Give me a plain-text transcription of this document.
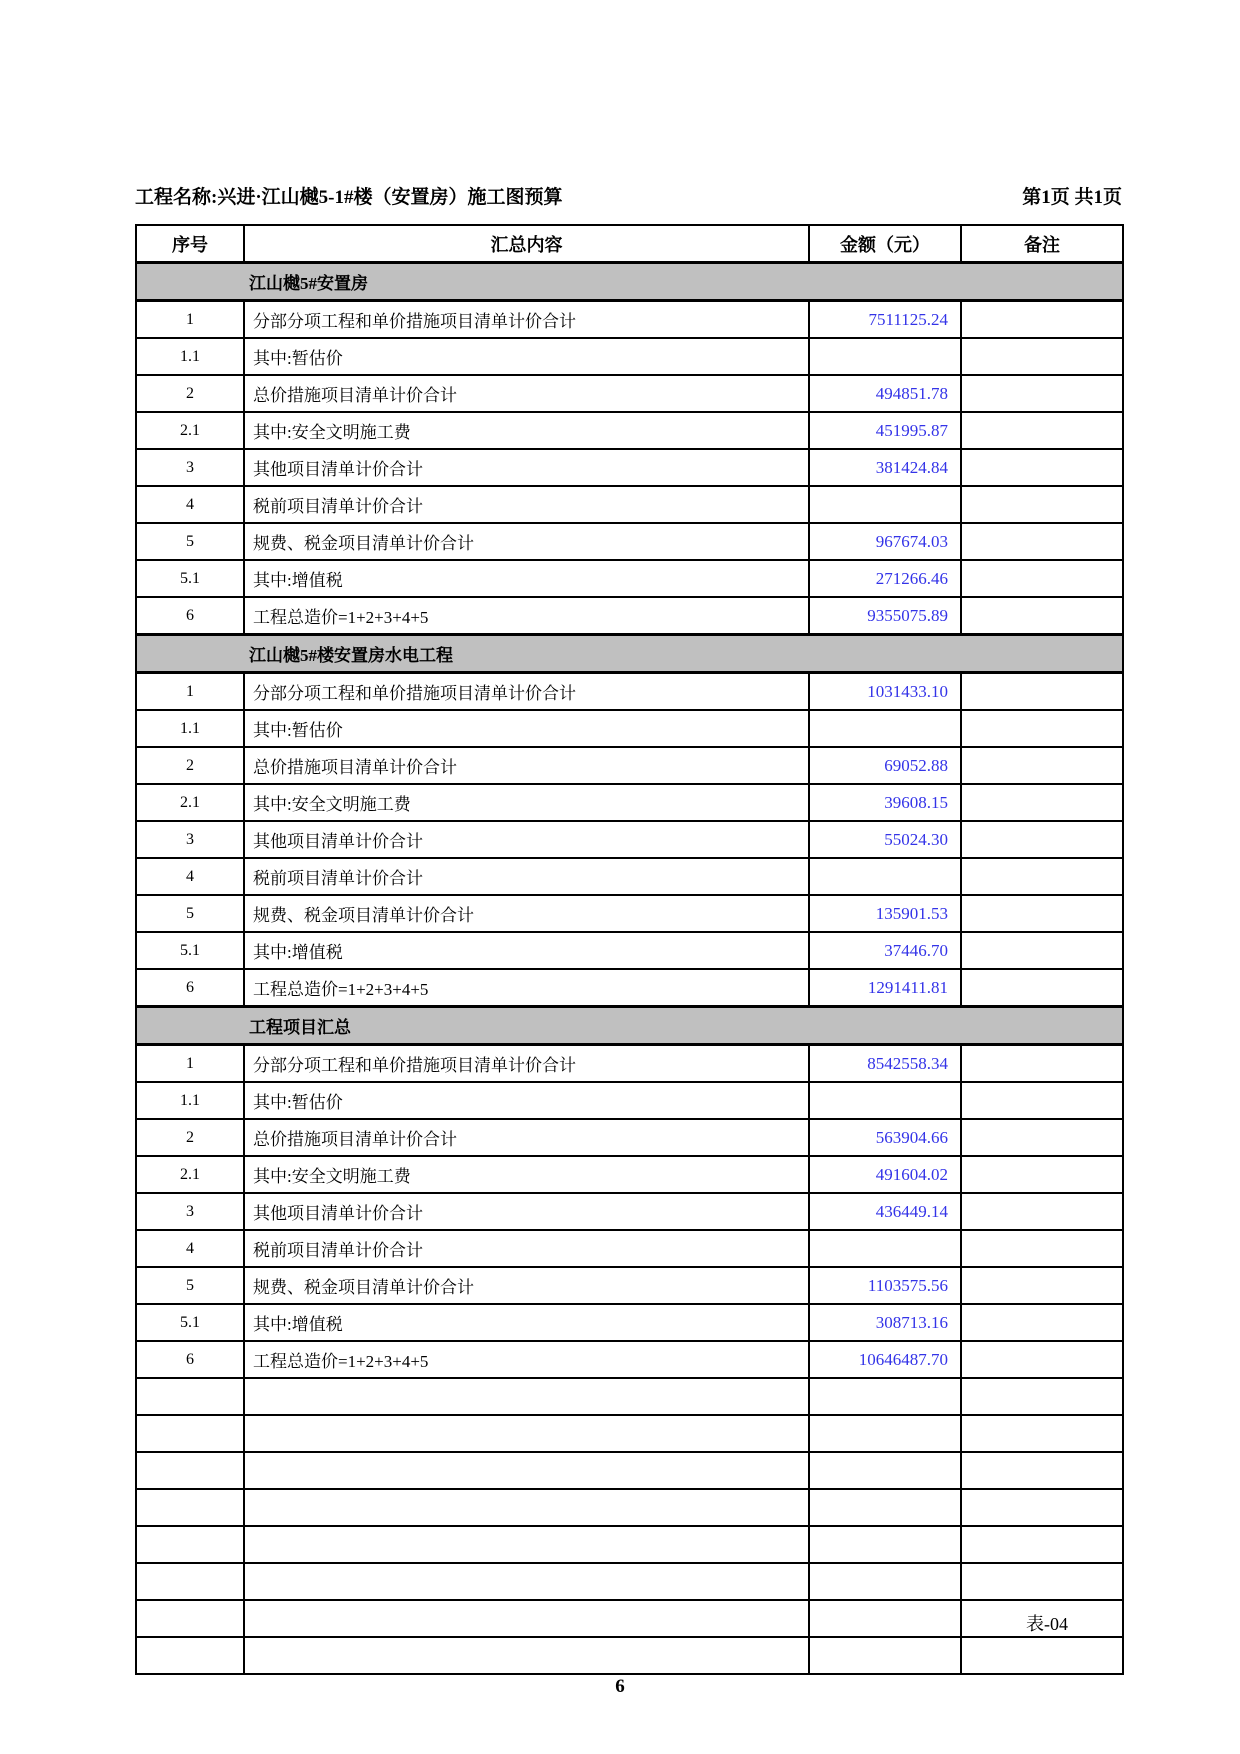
工程名称:兴进·江山樾5-1#楼（安置房）施工图预算	第1页 共1页
序号	汇总内容	金额（元）	备注
江山樾5#安置房			
1	分部分项工程和单价措施项目清单计价合计	7511125.24	
1.1	其中:暂估价		
2	总价措施项目清单计价合计	494851.78	
2.1	其中:安全文明施工费	451995.87	
3	其他项目清单计价合计	381424.84	
4	税前项目清单计价合计		
5	规费、税金项目清单计价合计	967674.03	
5.1	其中:增值税	271266.46	
6	工程总造价=1+2+3+4+5	9355075.89	
江山樾5#楼安置房水电工程			
1	分部分项工程和单价措施项目清单计价合计	1031433.10	
1.1	其中:暂估价		
2	总价措施项目清单计价合计	69052.88	
2.1	其中:安全文明施工费	39608.15	
3	其他项目清单计价合计	55024.30	
4	税前项目清单计价合计		
5	规费、税金项目清单计价合计	135901.53	
5.1	其中:增值税	37446.70	
6	工程总造价=1+2+3+4+5	1291411.81	
工程项目汇总			
1	分部分项工程和单价措施项目清单计价合计	8542558.34	
1.1	其中:暂估价		
2	总价措施项目清单计价合计	563904.66	
2.1	其中:安全文明施工费	491604.02	
3	其他项目清单计价合计	436449.14	
4	税前项目清单计价合计		
5	规费、税金项目清单计价合计	1103575.56	
5.1	其中:增值税	308713.16	
6	工程总造价=1+2+3+4+5	10646487.70	

表-04
6
